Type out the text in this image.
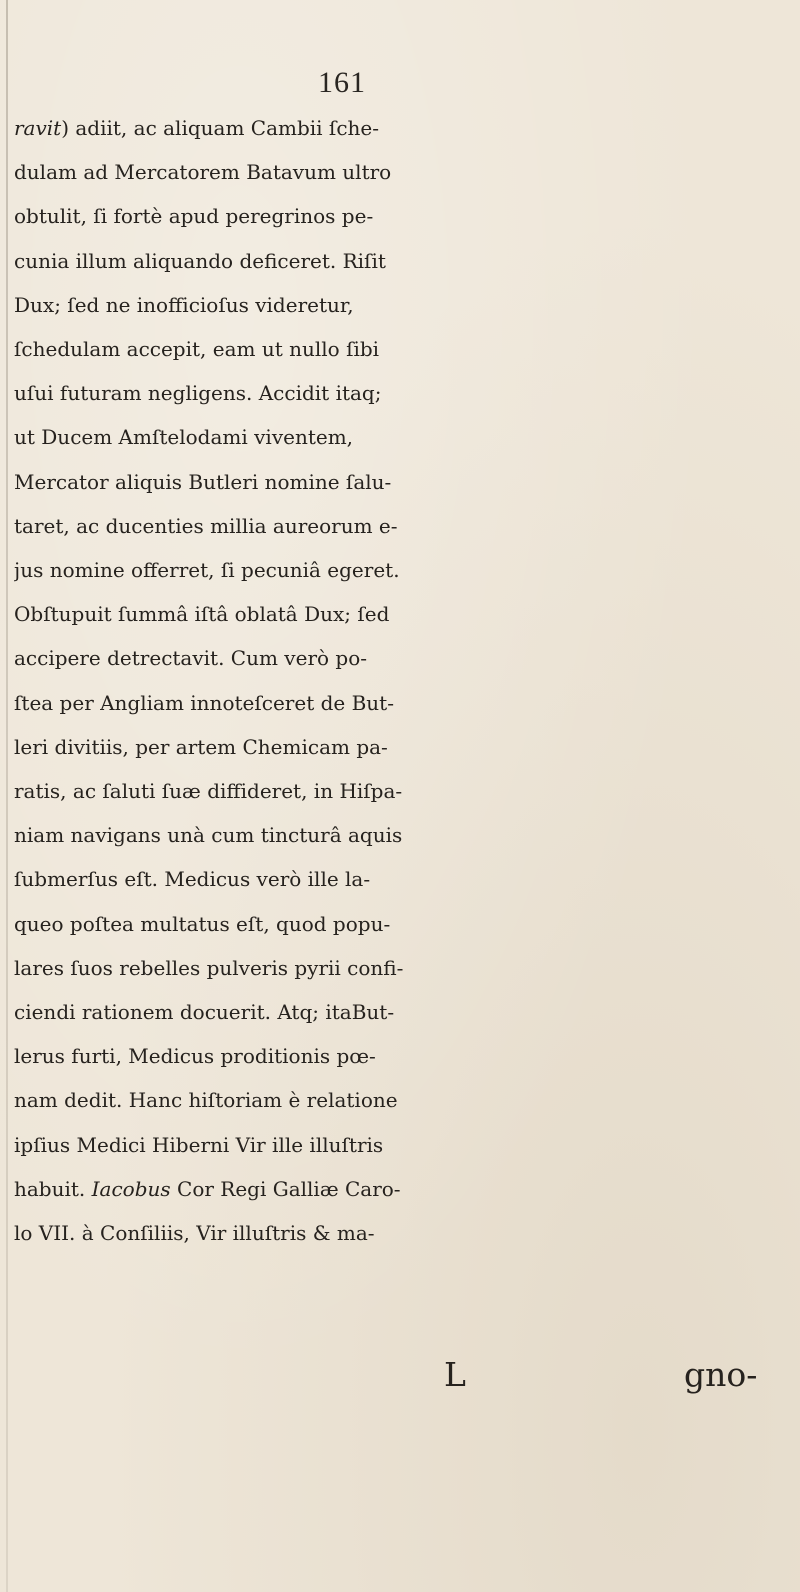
161
ravit) adiit, ac aliquam Cambii ſche-
dulam ad Mercatorem Batavum ultro
obtulit, ſi fortè apud peregrinos pe-
cunia illum aliquando deficeret. Riſit
Dux; ſed ne inofficioſus videretur,
ſchedulam accepit, eam ut nullo ſibi
uſui futuram negligens. Accidit itaq;
ut Ducem Amſtelodami viventem,
Mercator aliquis Butleri nomine ſalu-
taret, ac ducenties millia aureorum e-
jus nomine offerret, ſi pecuniâ egeret.
Obſtupuit ſummâ iſtâ oblatâ Dux; ſed
accipere detrectavit. Cum verò po-
ſtea per Angliam innoteſceret de But-
leri divitiis, per artem Chemicam pa-
ratis, ac ſaluti ſuæ diffideret, in Hiſpa-
niam navigans unà cum tincturâ aquis
ſubmerſus eſt. Medicus verò ille la-
queo poſtea multatus eſt, quod popu-
lares ſuos rebelles pulveris pyrii confi-
ciendi rationem docuerit. Atq; itaBut-
lerus furti, Medicus proditionis pœ-
nam dedit. Hanc hiſtoriam è relatione
ipſius Medici Hiberni Vir ille illuſtris
habuit. Iacobus Cor Regi Galliæ Caro-
lo VII. à Conſiliis, Vir illuſtris & ma-
L	gno-
